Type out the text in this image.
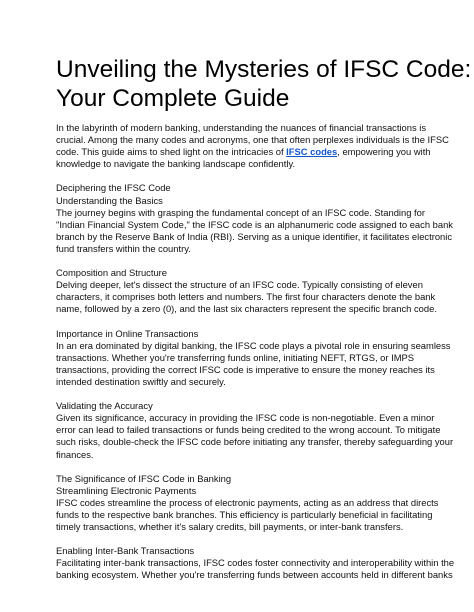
Unveiling the Mysteries of IFSC Code:
Your Complete Guide
In the labyrinth of modern banking, understanding the nuances of financial transactions is
crucial. Among the many codes and acronyms, one that often perplexes individuals is the IFSC
code. This guide aims to shed light on the intricacies of IFSC codes, empowering you with
knowledge to navigate the banking landscape confidently.
Deciphering the IFSC Code
Understanding the Basics
The journey begins with grasping the fundamental concept of an IFSC code. Standing for
"Indian Financial System Code," the IFSC code is an alphanumeric code assigned to each bank
branch by the Reserve Bank of India (RBI). Serving as a unique identifier, it facilitates electronic
fund transfers within the country.
Composition and Structure
Delving deeper, let's dissect the structure of an IFSC code. Typically consisting of eleven
characters, it comprises both letters and numbers. The first four characters denote the bank
name, followed by a zero (0), and the last six characters represent the specific branch code.
Importance in Online Transactions
In an era dominated by digital banking, the IFSC code plays a pivotal role in ensuring seamless
transactions. Whether you're transferring funds online, initiating NEFT, RTGS, or IMPS
transactions, providing the correct IFSC code is imperative to ensure the money reaches its
intended destination swiftly and securely.
Validating the Accuracy
Given its significance, accuracy in providing the IFSC code is non-negotiable. Even a minor
error can lead to failed transactions or funds being credited to the wrong account. To mitigate
such risks, double-check the IFSC code before initiating any transfer, thereby safeguarding your
finances.
The Significance of IFSC Code in Banking
Streamlining Electronic Payments
IFSC codes streamline the process of electronic payments, acting as an address that directs
funds to the respective bank branches. This efficiency is particularly beneficial in facilitating
timely transactions, whether it's salary credits, bill payments, or inter-bank transfers.
Enabling Inter-Bank Transactions
Facilitating inter-bank transactions, IFSC codes foster connectivity and interoperability within the
banking ecosystem. Whether you're transferring funds between accounts held in different banks
